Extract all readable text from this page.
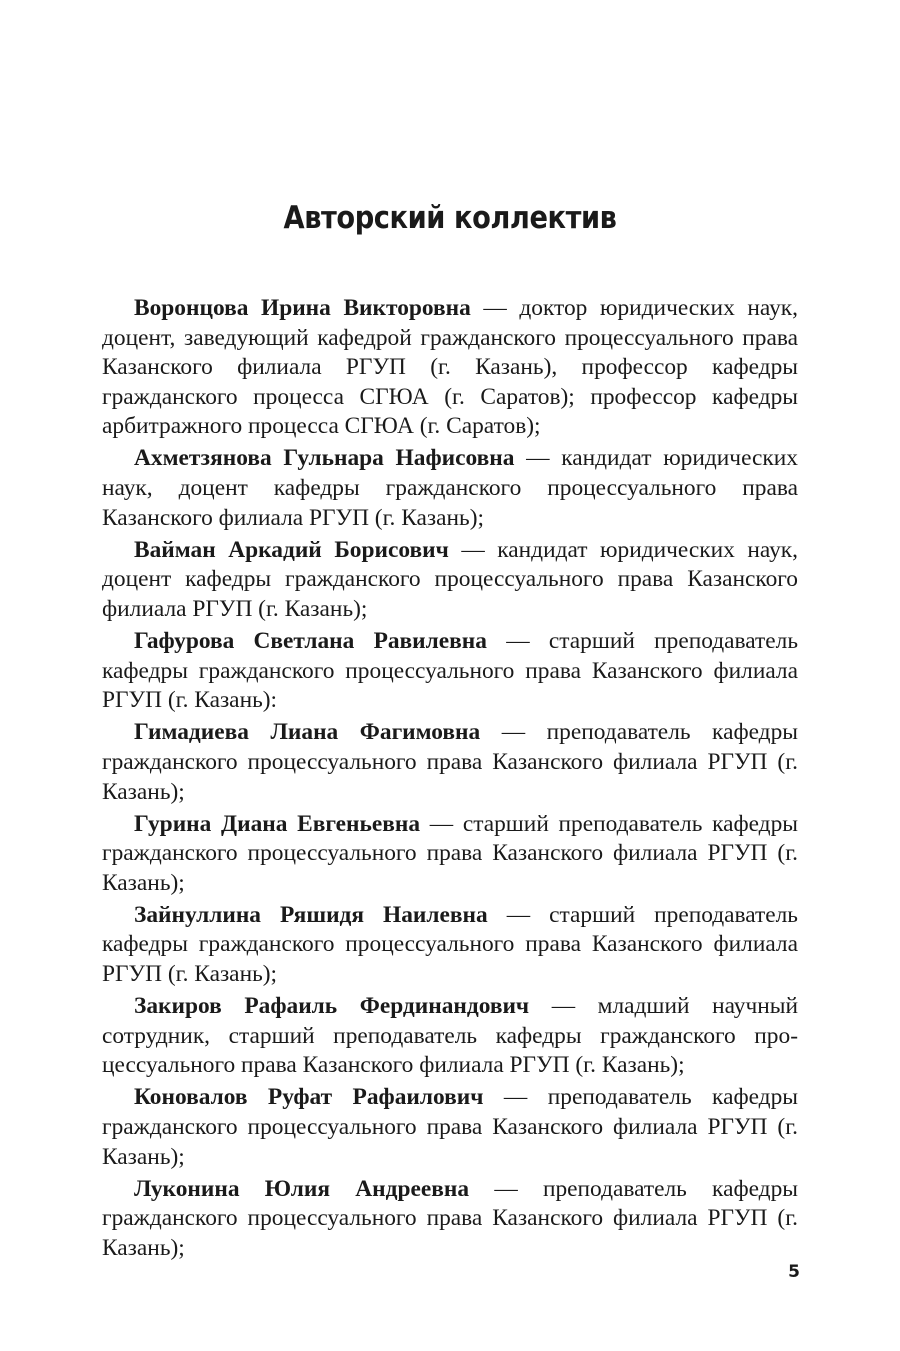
Авторский коллектив
Воронцова Ирина Викторовна — доктор юридических наук, доцент, заведующий кафедрой гражданского процессуального права Казанского филиала РГУП (г. Казань), профессор кафедры гражданского процесса СГЮА (г. Саратов); профессор кафедры арбитражного процесса СГЮА (г. Саратов);
Ахметзянова Гульнара Нафисовна — кандидат юридических наук, доцент кафедры гражданского процессуального права Казанского филиала РГУП (г. Казань);
Вайман Аркадий Борисович — кандидат юридических наук, доцент кафедры гражданского процессуального права Казанского филиала РГУП (г. Казань);
Гафурова Светлана Равилевна — старший преподаватель кафедры гражданского процессуального права Казанского филиала РГУП (г. Казань):
Гимадиева Лиана Фагимовна — преподаватель кафедры гражданского процессуального права Казанского филиала РГУП (г. Казань);
Гурина Диана Евгеньевна — старший преподаватель кафедры гражданского процессуального права Казанского филиала РГУП (г. Казань);
Зайнуллина Ряшидя Наилевна — старший преподаватель кафедры гражданского процессуального права Казанского филиала РГУП (г. Казань);
Закиров Рафаиль Фердинандович — младший научный сотрудник, старший преподаватель кафедры гражданского процессуального права Казанского филиала РГУП (г. Казань);
Коновалов Руфат Рафаилович — преподаватель кафедры гражданского процессуального права Казанского филиала РГУП (г. Казань);
Луконина Юлия Андреевна — преподаватель кафедры гражданского процессуального права Казанского филиала РГУП (г. Казань);
5
